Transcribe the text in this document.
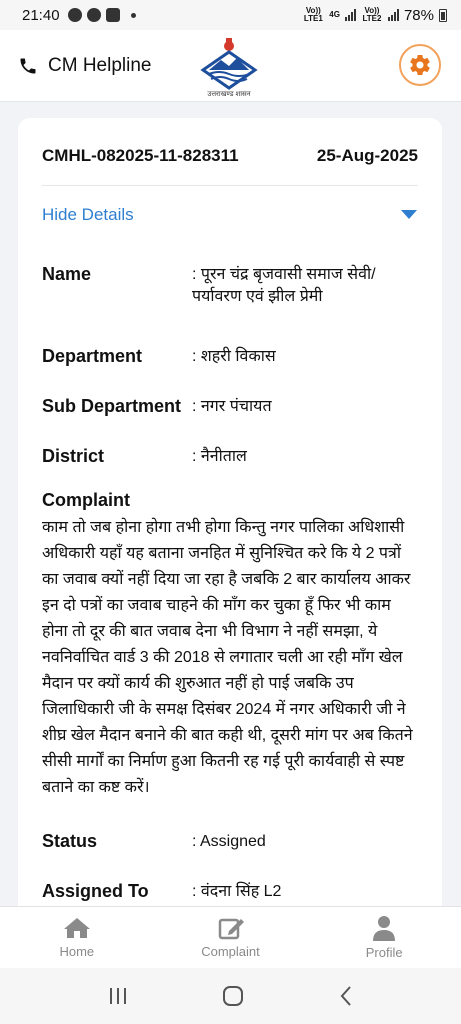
21:40	Vo)) LTE1 4G	Vo)) LTE2 78%
CM Helpline
उत्तराखण्ड शासन
CMHL-082025-11-828311	25-Aug-2025
Hide Details
Name	: पूरन चंद्र बृजवासी समाज सेवी/ पर्यावरण एवं झील प्रेमी
Department	: शहरी विकास
Sub Department : नगर पंचायत
District	: नैनीताल
Complaint
काम तो जब होना होगा तभी होगा किन्तु नगर पालिका अधिशासी अधिकारी यहाँ यह बताना जनहित में सुनिश्चित करे कि ये 2 पत्रों का जवाब क्यों नहीं दिया जा रहा है जबकि 2 बार कार्यालय आकर इन दो पत्रों का जवाब चाहने की माँग कर चुका हूँ फिर भी काम होना तो दूर की बात जवाब देना भी विभाग ने नहीं समझा, ये नवनिर्वाचित वार्ड 3 की 2018 से लगातार चली आ रही माँग खेल मैदान पर क्यों कार्य की शुरुआत नहीं हो पाई जबकि उप जिलाधिकारी जी के समक्ष दिसंबर 2024 में नगर अधिकारी जी ने शीघ्र खेल मैदान बनाने की बात कही थी, दूसरी मांग पर अब कितने सीसी मार्गों का निर्माण हुआ कितनी रह गई पूरी कार्यवाही से स्पष्ट बताने का कष्ट करें।
Status	: Assigned
Assigned To	: वंदना सिंह L2
Home	Complaint	Profile
